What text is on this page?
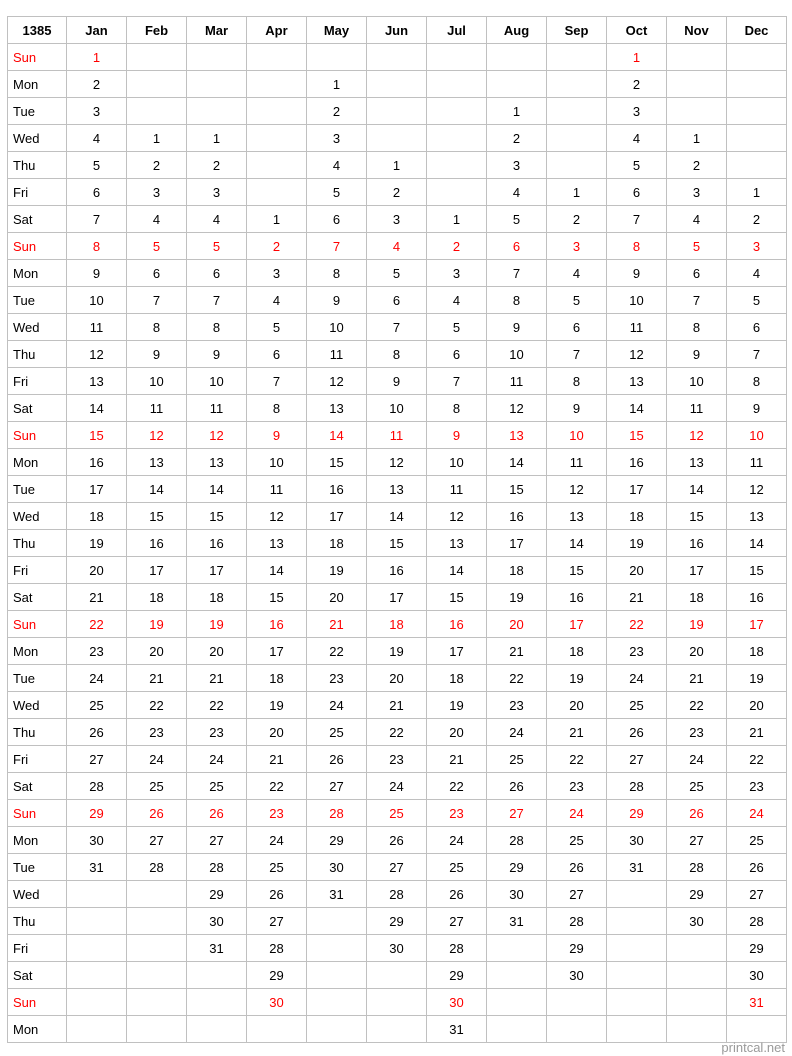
1385	Jan	Feb	Mar	Apr	May	Jun	Jul	Aug	Sep	Oct	Nov	Dec
Sun	1									1		
Mon	2				1					2		
Tue	3				2			1		3		
Wed	4	1	1		3			2		4	1	
Thu	5	2	2		4	1		3		5	2	
Fri	6	3	3		5	2		4	1	6	3	1
Sat	7	4	4	1	6	3	1	5	2	7	4	2
Sun	8	5	5	2	7	4	2	6	3	8	5	3
Mon	9	6	6	3	8	5	3	7	4	9	6	4
Tue	10	7	7	4	9	6	4	8	5	10	7	5
Wed	11	8	8	5	10	7	5	9	6	11	8	6
Thu	12	9	9	6	11	8	6	10	7	12	9	7
Fri	13	10	10	7	12	9	7	11	8	13	10	8
Sat	14	11	11	8	13	10	8	12	9	14	11	9
Sun	15	12	12	9	14	11	9	13	10	15	12	10
Mon	16	13	13	10	15	12	10	14	11	16	13	11
Tue	17	14	14	11	16	13	11	15	12	17	14	12
Wed	18	15	15	12	17	14	12	16	13	18	15	13
Thu	19	16	16	13	18	15	13	17	14	19	16	14
Fri	20	17	17	14	19	16	14	18	15	20	17	15
Sat	21	18	18	15	20	17	15	19	16	21	18	16
Sun	22	19	19	16	21	18	16	20	17	22	19	17
Mon	23	20	20	17	22	19	17	21	18	23	20	18
Tue	24	21	21	18	23	20	18	22	19	24	21	19
Wed	25	22	22	19	24	21	19	23	20	25	22	20
Thu	26	23	23	20	25	22	20	24	21	26	23	21
Fri	27	24	24	21	26	23	21	25	22	27	24	22
Sat	28	25	25	22	27	24	22	26	23	28	25	23
Sun	29	26	26	23	28	25	23	27	24	29	26	24
Mon	30	27	27	24	29	26	24	28	25	30	27	25
Tue	31	28	28	25	30	27	25	29	26	31	28	26
Wed			29	26	31	28	26	30	27		29	27
Thu			30	27		29	27	31	28		30	28
Fri			31	28		30	28		29			29
Sat				29			29		30			30
Sun				30			30					31
Mon							31					
printcal.net
